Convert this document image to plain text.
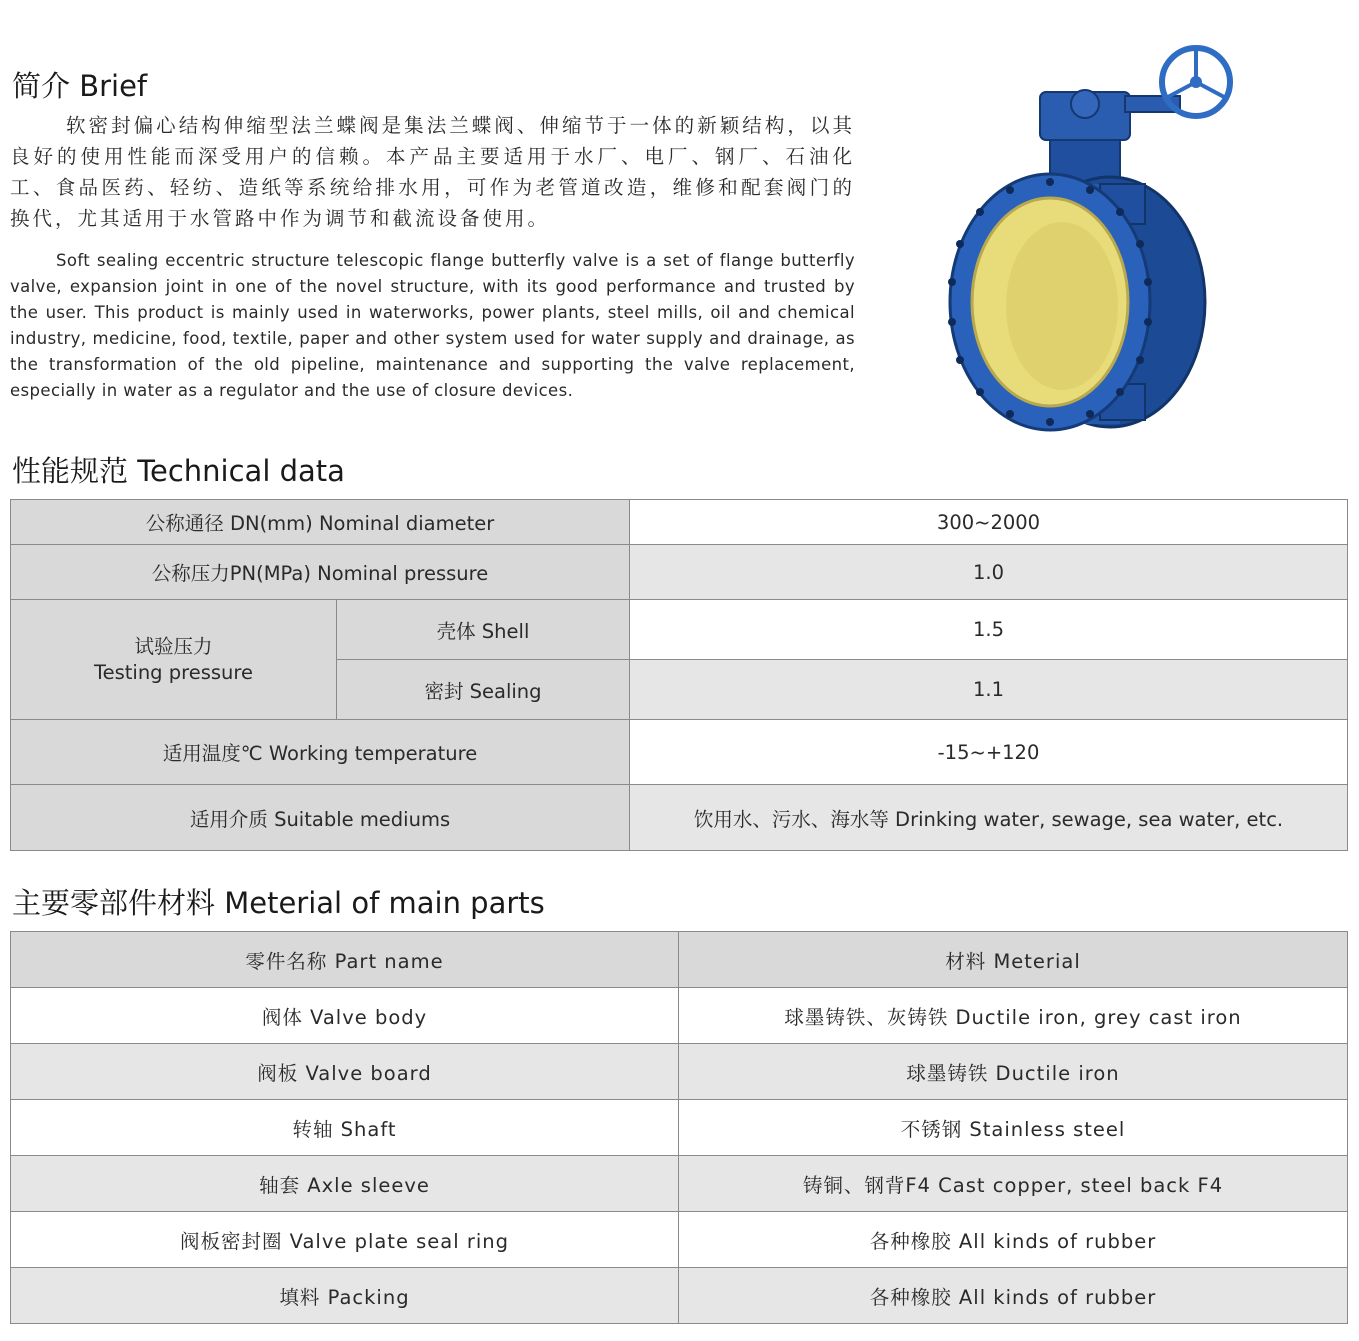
简介 Brief

软密封偏心结构伸缩型法兰蝶阀是集法兰蝶阀、伸缩节于一体的新颖结构，以其良好的使用性能而深受用户的信赖。本产品主要适用于水厂、电厂、钢厂、石油化工、食品医药、轻纺、造纸等系统给排水用，可作为老管道改造，维修和配套阀门的换代，尤其适用于水管路中作为调节和截流设备使用。

Soft sealing eccentric structure telescopic flange butterfly valve is a set of flange butterfly valve, expansion joint in one of the novel structure, with its good performance and trusted by the user. This product is mainly used in waterworks, power plants, steel mills, oil and chemical industry, medicine, food, textile, paper and other system used for water supply and drainage, as the transformation of the old pipeline, maintenance and supporting the valve replacement, especially in water as a regulator and the use of closure devices.

性能规范 Technical data
公称通径 DN(mm) Nominal diameter		300~2000
公称压力PN(MPa) Nominal pressure		1.0

试验压力
Testing pressure	壳体 Shell	1.5
	密封 Sealing	1.1
适用温度℃ Working temperature		-15~+120
适用介质 Suitable mediums		饮用水、污水、海水等 Drinking water, sewage, sea water, etc.
主要零部件材料 Meterial of main parts
零件名称 Part name	材料 Meterial
阀体 Valve body	球墨铸铁、灰铸铁 Ductile iron, grey cast iron
阀板 Valve board	球墨铸铁 Ductile iron
转轴 Shaft	不锈钢 Stainless steel
轴套 Axle sleeve	铸铜、钢背F4 Cast copper, steel back F4
阀板密封圈 Valve plate seal ring	各种橡胶 All kinds of rubber
填料 Packing	各种橡胶 All kinds of rubber
